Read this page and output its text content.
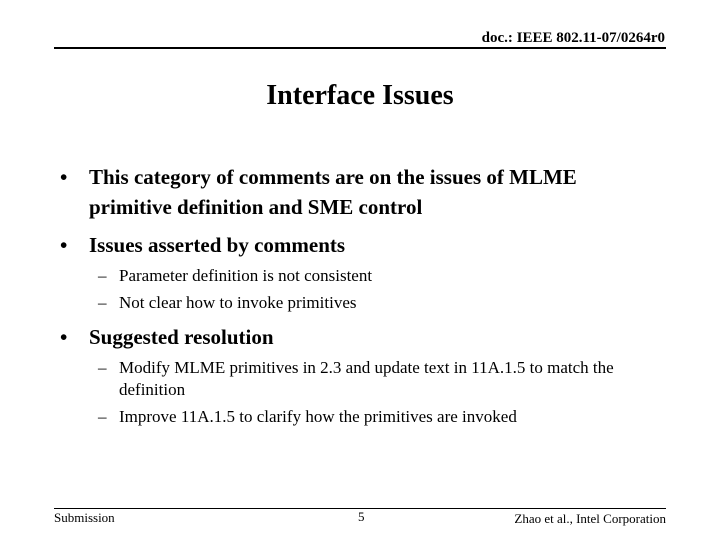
doc.: IEEE 802.11-07/0264r0
Interface Issues
• This category of comments are on the issues of MLME primitive definition and SME control
• Issues asserted by comments
– Parameter definition is not consistent
– Not clear how to invoke primitives
• Suggested resolution
– Modify MLME primitives in 2.3 and update text in 11A.1.5 to match the definition
– Improve 11A.1.5 to clarify how the primitives are invoked
Submission	5	Zhao et al., Intel Corporation
